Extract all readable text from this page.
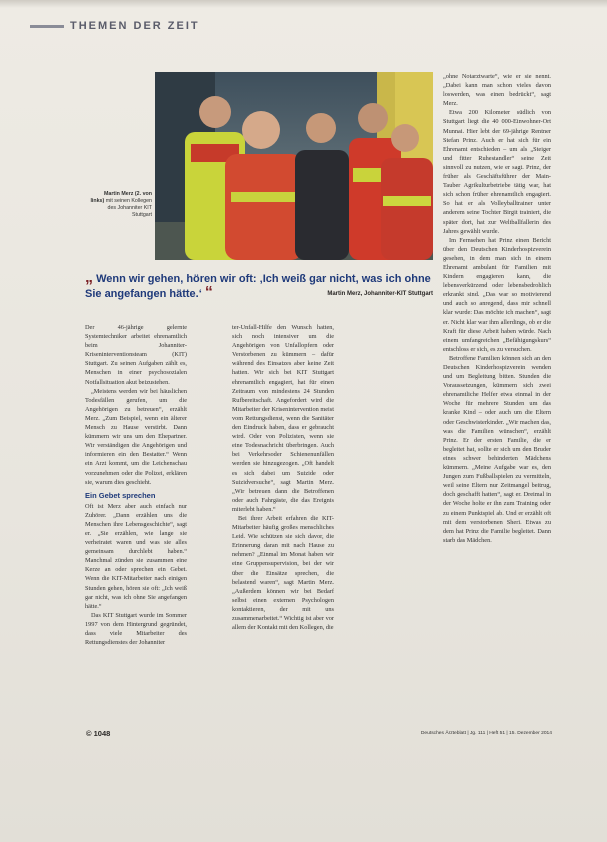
THEMEN DER ZEIT
Martin Merz (2. von links) mit seinen Kollegen des Johanniter KIT Stuttgart
„ Wenn wir gehen, hören wir oft: ‚Ich weiß gar nicht, was ich ohne Sie angefangen hätte.‘ “	Martin Merz, Johanniter-KIT Stuttgart

Der 46-jährige gelernte Systemtechniker arbeitet ehrenamtlich beim Johanniter-Kriseninterventionsteam (KIT) Stuttgart. Zu seinen Aufgaben zählt es, Menschen in einer psychosozialen Notfallsituation akut beizustehen.

„Meistens werden wir bei häuslichen Todesfällen gerufen, um die Angehörigen zu betreuen“, erzählt Merz. „Zum Beispiel, wenn ein älterer Mensch zu Hause verstirbt. Dann kümmern wir uns um den Ehepartner. Wir verständigen die Angehörigen und informieren ein den Bestatter.“ Wenn ein Arzt kommt, um die Leichenschau vorzunehmen oder die Polizei, erklären sie, warum dies geschieht.

Ein Gebet sprechen

Oft ist Merz aber auch einfach nur Zuhörer. „Dann erzählen uns die Menschen ihre Lebensgeschichte“, sagt er. „Sie erzählen, wie lange sie verheiratet waren und was sie alles gemeinsam durchlebt haben.“ Manchmal zünden sie zusammen eine Kerze an oder sprechen ein Gebet. Wenn die KIT-Mitarbeiter nach einigen Stunden gehen, hören sie oft: „Ich weiß gar nicht, was ich ohne Sie angefangen hätte.“

Das KIT Stuttgart wurde im Sommer 1997 von dem Hintergrund gegründet, dass viele Mitarbeiter des Rettungsdienstes der Johanniter

ter-Unfall-Hilfe den Wunsch hatten, sich noch intensiver um die Angehörigen von Unfallopfern oder Verstorbenen zu kümmern – dafür während des Einsatzes aber keine Zeit hatten. Wir sich bei KIT Stuttgart ehrenamtlich engagiert, hat für einen Zeitraum von mindestens 24 Stunden Rufbereitschaft. Angefordert wird die Mitarbeiter der Krisenintervention meist vom Rettungsdienst, wenn die Sanitäter den Eindruck haben, dass er gebraucht wird. Oder von Polizisten, wenn sie eine Todesnachricht überbringen. Auch bei Verkehrsoder Schienenunfällen werden sie hinzugezogen. „Oft handelt es sich dabei um Suizide oder Suizidversuche“, sagt Martin Merz. „Wir betreuen dann die Betroffenen oder auch Fahrgäste, die das Ereignis miterlebt haben.“

Bei ihrer Arbeit erfahren die KIT-Mitarbeiter häufig großes menschliches Leid. Wie schützen sie sich davor, die Erinnerung daran mit nach Hause zu nehmen? „Einmal im Monat haben wir eine Gruppensupervision, bei der wir über die Einsätze sprechen, die belastend waren“, sagt Martin Merz. „Außerdem können wir bei Bedarf selbst einen externen Psychologen kontaktieren, der mit uns zusammenarbeitet.“ Wichtig ist aber vor allem der Kontakt mit den Kollegen, die

„ohne Notarztwarte“, wie er sie nennt. „Dabei kann man schon vieles davon loswerden, was einen bedrückt“, sagt Merz.

Etwa 200 Kilometer südlich von Stuttgart liegt die 40 000-Einwohner-Ort Munnai. Hier lebt der 69-jährige Rentner Stefan Prinz. Auch er hat sich für ein Ehrenamt entschieden – um als „Steiger und fitter Ruhestandler“ seine Zeit sinnvoll zu nutzen, wie er sagt. Prinz, der früher als Geschäftsführer der Main-Tauber Agrikulturbetriebe tätig war, hat sich schon früher ehrenamtlich engagiert. So hat er als Volleyballtrainer unter anderem seine Tochter Birgit trainiert, die später dort, hat zur Weltballfallerin des Jahres gewählt wurde.

Im Fernsehen hat Prinz einen Bericht über den Deutschen Kinderhospizverein gesehen, in dem man sich in einem Ehrenamt ambulant für Familien mit Kindern engagieren kann, die lebensverkürzend oder lebensbedrohlich erkrankt sind. „Das war so motivierend und auch so anregend, dass mir schnell klar wurde: Das möchte ich machen“, sagt er. Nicht klar war ihm allerdings, ob er die Kraft für diese Arbeit haben würde. Nach einem umfangreichen „Befähigungskurs“ entschloss er sich, es zu versuchen.

Betroffene Familien können sich an den Deutschen Kinderhospizverein wenden und um Begleitung bitten. Stunden die Voraussetzungen, kümmern sich zwei ehrenamtliche Helfer etwa einmal in der Woche für mehrere Stunden um das kranke Kind – oder auch um die Eltern oder Geschwisterkinder. „Wir machen das, was die Familien wünschen“, erzählt Prinz. Er der ersten Familie, die er begleitet hat, sollte er sich um den Bruder eines schwer behinderten Mädchens kümmern. „Meine Aufgabe war es, den Jungen zum Fußballspielen zu vermitteln, weil seine Eltern nur Zeitmangel beitrug, doch geschafft hatten“, sagt er. Dreimal in der Woche holte er ihn zum Training oder zu einem Punktspiel ab. Und er erzählt oft mit dem verstorbenen Sheri. Etwas zu dem hat Prinz die Familie begleitet. Dann starb das Mädchen.

© 1048	Deutsches Ärzteblatt | Jg. 111 | Heft 51 | 15. Dezember 2014
